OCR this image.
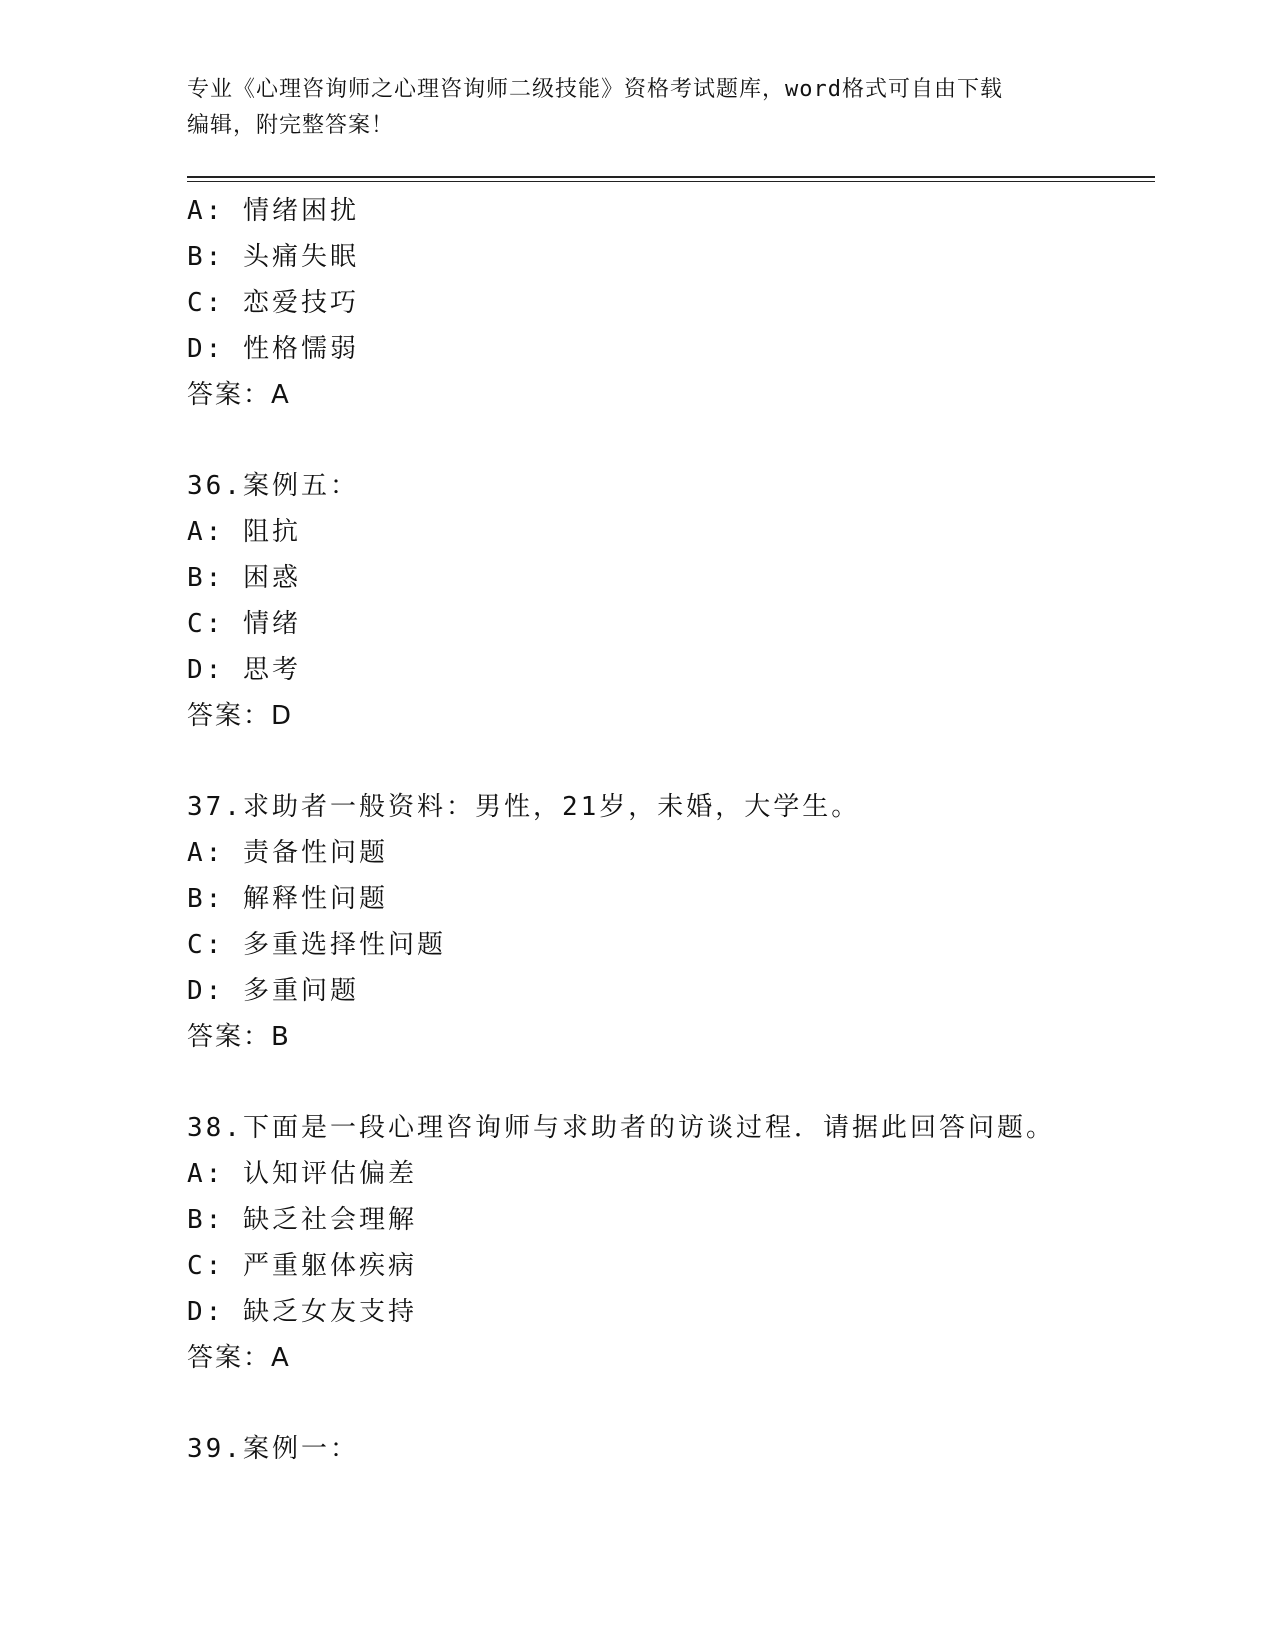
专业《心理咨询师之心理咨询师二级技能》资格考试题库，word格式可自由下载
编辑，附完整答案！
A: 情绪困扰
B: 头痛失眠
C: 恋爱技巧
D: 性格懦弱
答案：A
36.案例五：
A: 阻抗
B: 困惑
C: 情绪
D: 思考
答案：D
37.求助者一般资料：男性，21岁，未婚，大学生。
A: 责备性问题
B: 解释性问题
C: 多重选择性问题
D: 多重问题
答案：B
38.下面是一段心理咨询师与求助者的访谈过程．请据此回答问题。
A: 认知评估偏差
B: 缺乏社会理解
C: 严重躯体疾病
D: 缺乏女友支持
答案：A
39.案例一：
